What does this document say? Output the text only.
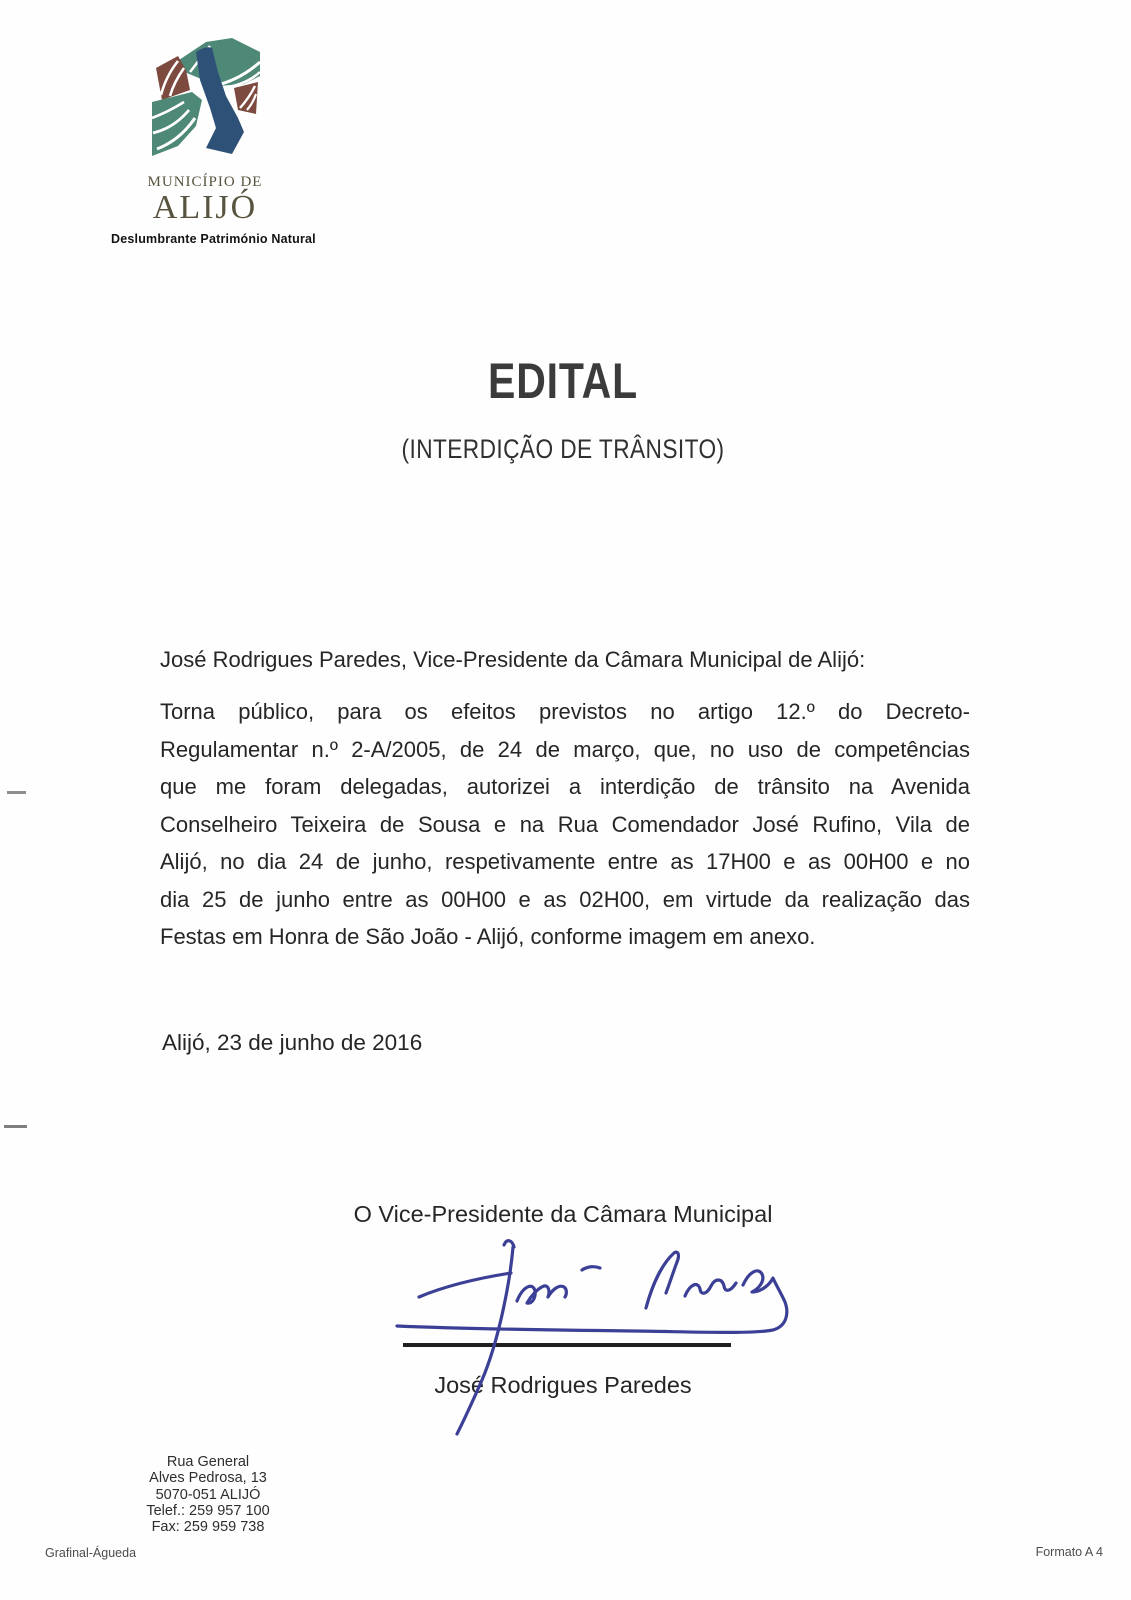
MUNICÍPIO DE
ALIJÓ
Deslumbrante Património Natural
EDITAL
(INTERDIÇÃO DE TRÂNSITO)
José Rodrigues Paredes, Vice-Presidente da Câmara Municipal de Alijó:
Torna público, para os efeitos previstos no artigo 12.º do Decreto-
Regulamentar n.º 2-A/2005, de 24 de março, que, no uso de competências
que me foram delegadas, autorizei a interdição de trânsito na Avenida
Conselheiro Teixeira de Sousa e na Rua Comendador José Rufino, Vila de
Alijó, no dia 24 de junho, respetivamente entre as 17H00 e as 00H00 e no
dia 25 de junho entre as 00H00 e as 02H00, em virtude da realização das
Festas em Honra de São João - Alijó, conforme imagem em anexo.
Alijó, 23 de junho de 2016
O Vice-Presidente da Câmara Municipal
José Rodrigues Paredes
Rua General
Alves Pedrosa, 13
5070-051 ALIJÓ
Telef.: 259 957 100
Fax: 259 959 738
Grafinal-Águeda	Formato A 4
